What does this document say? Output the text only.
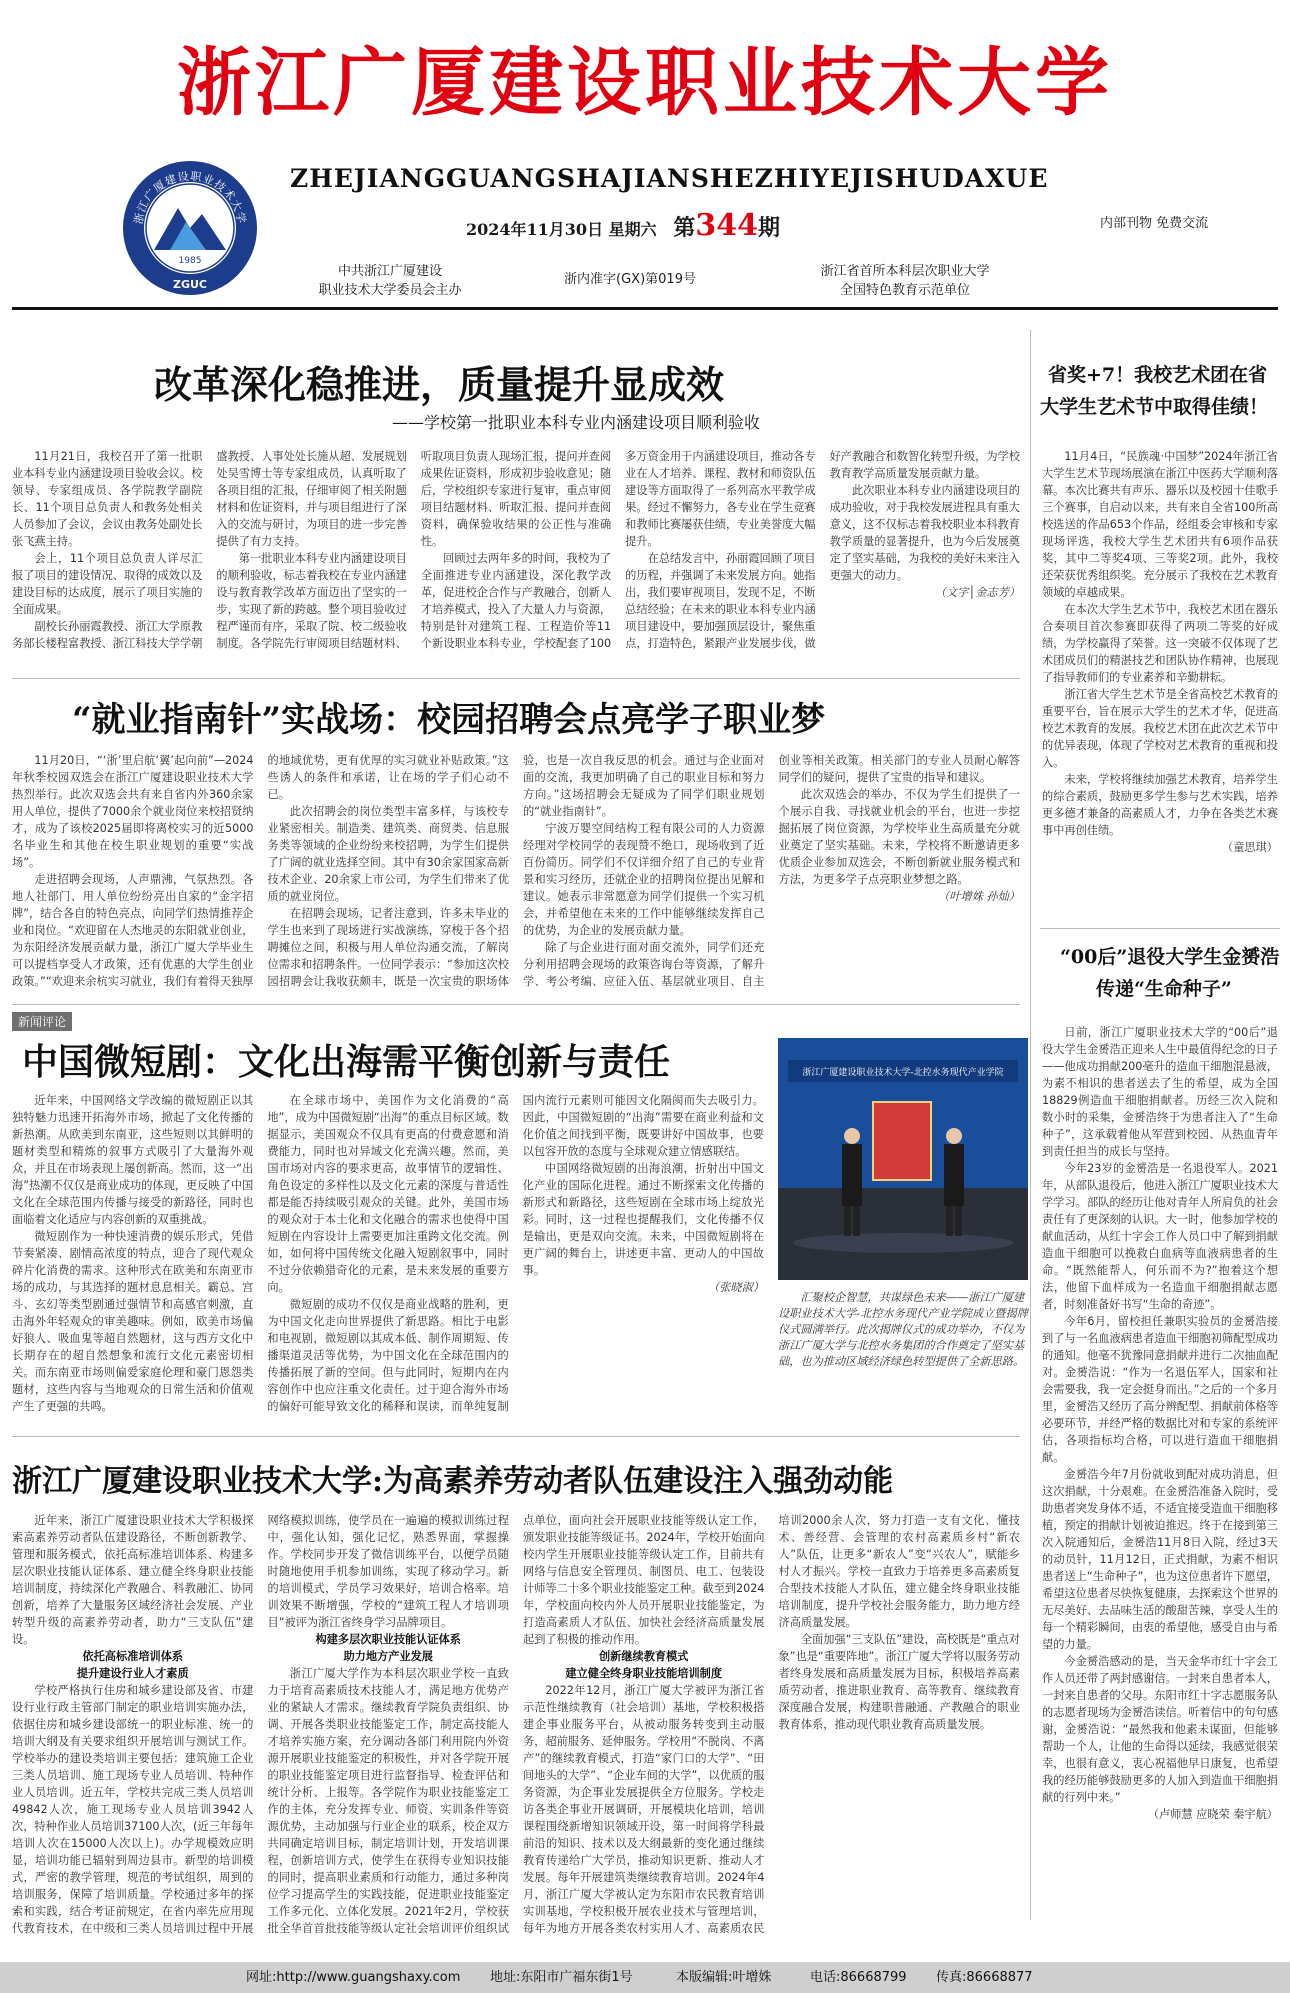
浙江广厦建设职业技术大学
1985
ZGUC
浙江广厦建设职业技术大学
ZHEJIANGGUANGSHAJIANSHEZHIYEJISHUDAXUE
2024年11月30日 星期六 第344期	内部刊物 免费交流
中共浙江广厦建设
职业技术大学委员会主办
浙内准字(GX)第019号
浙江省首所本科层次职业大学
全国特色教育示范单位
改革深化稳推进，质量提升显成效
——学校第一批职业本科专业内涵建设项目顺利验收

11月21日，我校召开了第一批职业本科专业内涵建设项目验收会议。校领导、专家组成员、各学院教学副院长、11个项目总负责人和教务处相关人员参加了会议，会议由教务处副处长张飞燕主持。

会上，11个项目总负责人详尽汇报了项目的建设情况、取得的成效以及建设目标的达成度，展示了项目实施的全面成果。

副校长孙丽霞教授、浙江大学原教务部长楼程富教授、浙江科技大学学朝盛教授、人事处处长施从超、发展规划处吴雪博士等专家组成员，认真听取了各项目组的汇报，仔细审阅了相关附题材料和佐证资料，并与项目组进行了深入的交流与研讨，为项目的进一步完善提供了有力支持。

第一批职业本科专业内涵建设项目的顺利验收，标志着我校在专业内涵建设与教育教学改革方面迈出了坚实的一步，实现了新的跨越。整个项目验收过程严谨而有序，采取了院、校二级验收制度。各学院先行审阅项目结题材料、听取项目负责人现场汇报，提问并查阅成果佐证资料，形成初步验收意见；随后，学校组织专家进行复审，重点审阅项目结题材料、听取汇报、提问并查阅资料，确保验收结果的公正性与准确性。

回顾过去两年多的时间，我校为了全面推进专业内涵建设，深化教学改革，促进校企合作与产教融合，创新人才培养模式，投入了大量人力与资源，特别是针对建筑工程、工程造价等11个新设职业本科专业，学校配套了100多万资金用于内涵建设项目，推动各专业在人才培养、课程、教材和师资队伍建设等方面取得了一系列高水平教学成果。经过不懈努力，各专业在学生竞赛和教师比赛屡获佳绩，专业美誉度大幅提升。

在总结发言中，孙丽霞回顾了项目的历程，并强调了未来发展方向。她指出，我们要审视项目，发现不足，不断总结经验；在未来的职业本科专业内涵项目建设中，要加强顶层设计，聚焦重点，打造特色，紧跟产业发展步伐，做好产教融合和数智化转型升级，为学校教育教学高质量发展贡献力量。

此次职业本科专业内涵建设项目的成功验收，对于我校发展进程具有重大意义，这不仅标志着我校职业本科教育教学质量的显著提升，也为今后发展奠定了坚实基础，为我校的美好未来注入更强大的动力。

（文字│金志芳）

“就业指南针”实战场：校园招聘会点亮学子职业梦

11月20日，“‘浙’里启航‘翼’起向前”—2024年秋季校园双选会在浙江广厦建设职业技术大学热烈举行。此次双选会共有来自省内外360余家用人单位，提供了7000余个就业岗位来校招贤纳才，成为了该校2025届即将离校实习的近5000名毕业生和其他在校生职业规划的重要“实战场”。

走进招聘会现场，人声鼎沸，气氛热烈。各地人社部门、用人单位纷纷亮出自家的“金字招牌”，结合各自的特色亮点，向同学们热情推荐企业和岗位。“欢迎留在人杰地灵的东阳就业创业，为东阳经济发展贡献力量，浙江广厦大学毕业生可以提档享受人才政策，还有优惠的大学生创业政策。”“欢迎来余杭实习就业，我们有着得天独厚的地域优势，更有优厚的实习就业补贴政策。”这些诱人的条件和承诺，让在场的学子们心动不已。

此次招聘会的岗位类型丰富多样，与该校专业紧密相关。制造类、建筑类、商贸类、信息服务类等领域的企业纷纷来校招聘，为学生们提供了广阔的就业选择空间。其中有30余家国家高新技术企业、20余家上市公司，为学生们带来了优质的就业岗位。

在招聘会现场，记者注意到，许多未毕业的学生也来到了现场进行实战演练，穿梭于各个招聘摊位之间，积极与用人单位沟通交流，了解岗位需求和招聘条件。一位同学表示：“参加这次校园招聘会让我收获颇丰，既是一次宝贵的职场体验，也是一次自我反思的机会。通过与企业面对面的交流，我更加明确了自己的职业目标和努力方向。”这场招聘会无疑成为了同学们职业规划的“就业指南针”。

宁波万婴空间结构工程有限公司的人力资源经理对学校同学的表现赞不绝口，现场收到了近百份简历。同学们不仅详细介绍了自己的专业背景和实习经历，还就企业的招聘岗位提出见解和建议。她表示非常愿意为同学们提供一个实习机会，并希望他在未来的工作中能够继续发挥自己的优势，为企业的发展贡献力量。

除了与企业进行面对面交流外，同学们还充分利用招聘会现场的政策咨询台等资源，了解升学、考公考编、应征入伍、基层就业项目、自主创业等相关政策。相关部门的专业人员耐心解答同学们的疑问，提供了宝贵的指导和建议。

此次双选会的举办，不仅为学生们提供了一个展示自我、寻找就业机会的平台，也进一步挖掘拓展了岗位资源，为学校毕业生高质量充分就业奠定了坚实基础。未来，学校将不断邀请更多优质企业参加双选会，不断创新就业服务模式和方法，为更多学子点亮职业梦想之路。

（叶增姝 孙灿）

新闻评论
中国微短剧：文化出海需平衡创新与责任

近年来，中国网络文学改编的微短剧正以其独特魅力迅速开拓海外市场，掀起了文化传播的新热潮。从欧美到东南亚，这些短则以其鲜明的题材类型和精炼的叙事方式吸引了大量海外观众，并且在市场表现上屡创新高。然而，这一“出海”热潮不仅仅是商业成功的体现，更反映了中国文化在全球范围内传播与接受的新路径，同时也面临着文化适应与内容创新的双重挑战。

微短剧作为一种快速消费的娱乐形式，凭借节奏紧凑、剧情高浓度的特点，迎合了现代观众碎片化消费的需求。这种形式在欧美和东南亚市场的成功，与其选择的题材息息相关。霸总、宫斗、玄幻等类型剧通过强情节和高感官刺激，直击海外年轻观众的审美趣味。例如，欧美市场偏好狼人、吸血鬼等超自然题材，这与西方文化中长期存在的超自然想象和流行文化元素密切相关。而东南亚市场则偏爱家庭伦理和豪门恩怨类题材，这些内容与当地观众的日常生活和价值观产生了更强的共鸣。

在全球市场中，美国作为文化消费的“高地”，成为中国微短剧“出海”的重点目标区域。数据显示，美国观众不仅具有更高的付费意愿和消费能力，同时也对异域文化充满兴趣。然而，美国市场对内容的要求更高，故事情节的逻辑性、角色设定的多样性以及文化元素的深度与普适性都是能否持续吸引观众的关键。此外，美国市场的观众对于本土化和文化融合的需求也使得中国短剧在内容设计上需要更加注重跨文化交流。例如，如何将中国传统文化融入短剧叙事中，同时不过分依赖猎奇化的元素，是未来发展的重要方向。

微短剧的成功不仅仅是商业战略的胜利，更为中国文化走向世界提供了新思路。相比于电影和电视剧，微短剧以其成本低、制作周期短、传播渠道灵活等优势，为中国文化在全球范围内的传播拓展了新的空间。但与此同时，短期内在内容创作中也应注重文化责任。过于迎合海外市场的偏好可能导致文化的稀释和误读，而单纯复制国内流行元素则可能因文化隔阂而失去吸引力。因此，中国微短剧的“出海”需要在商业利益和文化价值之间找到平衡，既要讲好中国故事，也要以包容开放的态度与全球观众建立情感联结。

中国网络微短剧的出海浪潮，折射出中国文化产业的国际化进程。通过不断探索文化传播的新形式和新路径，这些短剧在全球市场上绽放光彩。同时，这一过程也提醒我们，文化传播不仅是输出，更是双向交流。未来，中国微短剧将在更广阔的舞台上，讲述更丰富、更动人的中国故事。

（张晓淑）

浙江广厦建设职业技术大学-北控水务现代产业学院
汇聚校企智慧，共谋绿色未来——浙江广厦建设职业技术大学-北控水务现代产业学院成立暨揭牌仪式圆满举行。此次揭牌仪式的成功举办，不仅为浙江广厦大学与北控水务集团的合作奠定了坚实基础，也为推动区域经济绿色转型提供了全新思路。
浙江广厦建设职业技术大学:为高素养劳动者队伍建设注入强劲动能

近年来，浙江广厦建设职业技术大学积极探索高素养劳动者队伍建设路径，不断创新教学、管理和服务模式，依托高标准培训体系、构建多层次职业技能认证体系、建立健全终身职业技能培训制度，持续深化产教融合、科教融汇、协同创新，培养了大量服务区域经济社会发展、产业转型升级的高素养劳动者，助力“三支队伍”建设。

依托高标准培训体系
提升建设行业人才素质

学校严格执行住房和城乡建设部及省、市建设行业行政主管部门制定的职业培训实施办法，依据住房和城乡建设部统一的职业标准、统一的培训大纲及有关要求组织开展培训与测试工作。学校举办的建设类培训主要包括：建筑施工企业三类人员培训、施工现场专业人员培训、特种作业人员培训。近五年，学校共完成三类人员培训49842人次，施工现场专业人员培训3942人次，特种作业人员培训37100人次，(近三年每年培训人次在15000人次以上)。办学规模效应明显，培训功能已辐射到周边县市。新型的培训模式，严密的教学管理，规范的考试组织，周到的培训服务，保障了培训质量。学校通过多年的探索和实践，结合考证前规定，在省内率先应用现代教育技术，在中级和三类人员培训过程中开展网络模拟训练，使学员在一遍遍的模拟训练过程中，强化认知，强化记忆，熟悉界面，掌握操作。学校同步开发了微信训练平台，以便学员随时随地使用手机参加训练，实现了移动学习。新的培训模式，学员学习效果好，培训合格率。培训效果不断增强，学校的“建筑工程人才培训项目”被评为浙江省终身学习品牌项目。

构建多层次职业技能认证体系
助力地方产业发展

浙江广厦大学作为本科层次职业学校一直致力于培育高素质技术技能人才，满足地方优势产业的紧缺人才需求。继续教育学院负责组织、协调、开展各类职业技能鉴定工作，制定高技能人才培养实施方案，充分调动各部门利用院内外资源开展职业技能鉴定的积极性，并对各学院开展的职业技能鉴定项目进行监督指导、检查评估和统计分析、上报等。各学院作为职业技能鉴定工作的主体，充分发挥专业、师资、实训条件等资源优势，主动加强与行业企业的联系，校企双方共同确定培训目标，制定培训计划，开发培训课程，创新培训方式，使学生在获得专业知识技能的同时，提高职业素质和行动能力，通过多种岗位学习提高学生的实践技能，促进职业技能鉴定工作多元化、立体化发展。2021年2月，学校获批全华首首批技能等级认定社会培训评价组织试点单位，面向社会开展职业技能等级认定工作，颁发职业技能等级证书。2024年，学校开始面向校内学生开展职业技能等级认定工作，目前共有网络与信息安全管理员、制图员、电工、包装设计师等二十多个职业技能鉴定工种。截至到2024年，学校面向校内外人员开展职业技能鉴定，为打造高素质人才队伍、加快社会经济高质量发展起到了积极的推动作用。

创新继续教育模式
建立健全终身职业技能培训制度

2022年12月，浙江广厦大学被评为浙江省示范性继续教育（社会培训）基地，学校积极搭建企事业服务平台，从被动服务转变到主动服务，超前服务、延伸服务。学校用“不脱岗、不离产”的继续教育模式，打造“家门口的大学”、“田间地头的大学”、“企业车间的大学”，以优质的服务资源，为企事业发展提供全方位服务。学校走访各类企事业开展调研，开展模块化培训，培训课程围绕新增知识领域开设，第一时间将学科最前沿的知识、技术以及大纲最新的变化通过继续教育传递给广大学员，推动知识更新、推动人才发展。每年开展建筑类继续教育培训。2024年4月，浙江广厦大学被认定为东阳市农民教育培训实训基地，学校积极开展农业技术与管理培训，每年为地方开展各类农村实用人才、高素质农民培训2000余人次，努力打造一支有文化、懂技术、善经营、会管理的农村高素质乡村“新农人”队伍，让更多“新农人”变“兴农人”，赋能乡村人才振兴。学校一直致力于培养更多高素质复合型技术技能人才队伍，建立健全终身职业技能培训制度，提升学校社会服务能力，助力地方经济高质量发展。

全面加强“三支队伍”建设，高校既是“重点对象”也是“重要阵地”。浙江广厦大学将以服务劳动者终身发展和高质量发展为目标，积极培养高素质劳动者，推进职业教育、高等教育、继续教育深度融合发展，构建职普融通、产教融合的职业教育体系，推动现代职业教育高质量发展。

省奖+7！我校艺术团在省
大学生艺术节中取得佳绩！

11月4日，“民族魂·中国梦”2024年浙江省大学生艺术节现场展演在浙江中医药大学顺利落幕。本次比赛共有声乐、器乐以及校园十佳歌手三个赛事，自启动以来，共有来自全省100所高校选送的作品653个作品，经组委会审核和专家现场评选，我校大学生艺术团共有6项作品获奖，其中二等奖4项、三等奖2项。此外，我校还荣获优秀组织奖。充分展示了我校在艺术教育领域的卓越成果。

在本次大学生艺术节中，我校艺术团在器乐合奏项目首次参赛即获得了两项二等奖的好成绩，为学校赢得了荣誉。这一突破不仅体现了艺术团成员们的精湛技艺和团队协作精神，也展现了指导教师们的专业素养和辛勤耕耘。

浙江省大学生艺术节是全省高校艺术教育的重要平台，旨在展示大学生的艺术才华，促进高校艺术教育的发展。我校艺术团在此次艺术节中的优异表现，体现了学校对艺术教育的重视和投入。

未来，学校将继续加强艺术教育，培养学生的综合素质，鼓励更多学生参与艺术实践，培养更多德才兼备的高素质人才，力争在各类艺术赛事中再创佳绩。

（童思琪）

“00后”退役大学生金赟浩
传递“生命种子”

日前，浙江广厦职业技术大学的“00后”退役大学生金赟浩正迎来人生中最值得纪念的日子——他成功捐献200毫升的造血干细胞混悬液，为素不相识的患者送去了生的希望，成为全国18829例造血干细胞捐献者。历经三次入院和数小时的采集，金赟浩终于为患者注入了“生命种子”，这承载着他从军营到校园、从热血青年到责任担当的成长与坚持。

今年23岁的金赟浩是一名退役军人。2021年，从部队退役后，他进入浙江广厦职业技术大学学习。部队的经历让他对青年人所肩负的社会责任有了更深刻的认识。大一时，他参加学校的献血活动，从红十字会工作人员口中了解到捐献造血干细胞可以挽救白血病等血液病患者的生命。“既然能帮人，何乐而不为?”抱着这个想法，他留下血样成为一名造血干细胞捐献志愿者，时刻准备好书写“生命的奇迹”。

今年6月，留校担任兼职实验员的金赟浩接到了与一名血液病患者造血干细胞初筛配型成功的通知。他毫不犹豫同意捐献并进行二次抽血配对。金赟浩说：“作为一名退伍军人，国家和社会需要我，我一定会挺身而出。”之后的一个多月里，金赟浩又经历了高分辨配型、捐献前体格等必要环节，并经严格的数据比对和专家的系统评估，各项指标均合格，可以进行造血干细胞捐献。

金赟浩今年7月份就收到配对成功消息，但这次捐献，十分艰难。在金赟浩准备入院时，受助患者突发身体不适，不适宜接受造血干细胞移植，预定的捐献计划被迫推迟。终于在接到第三次入院通知后，金赟浩11月8日入院，经过3天的动员针，11月12日，正式捐献，为素不相识患者送上“生命种子”，也为这位患者许下愿望，希望这位患者尽快恢复健康，去探索这个世界的无尽美好、去品味生活的酸甜苦辣，享受人生的每一个精彩瞬间，由衷的希望他，感受自由与希望的力量。

今金赟浩感动的是，当天金华市红十字会工作人员还带了两封感谢信。一封来自患者本人，一封来自患者的父母。东阳市红十字志愿服务队的志愿者现场为金赟浩读信。听着信中的句句感谢，金赟浩说：“最然我和他素未谋面，但能够帮助一个人，让他的生命得以延续，我感觉很荣幸，也很有意义，衷心祝福他早日康复，也希望我的经历能够鼓励更多的人加入到造血干细胞捐献的行列中来。”

（卢师慧 应晓荣 秦宇航）

网址:http://www.guangshaxy.com 地址:东阳市广福东街1号	本版编辑:叶增姝	电话:86668799 传真:86668877
